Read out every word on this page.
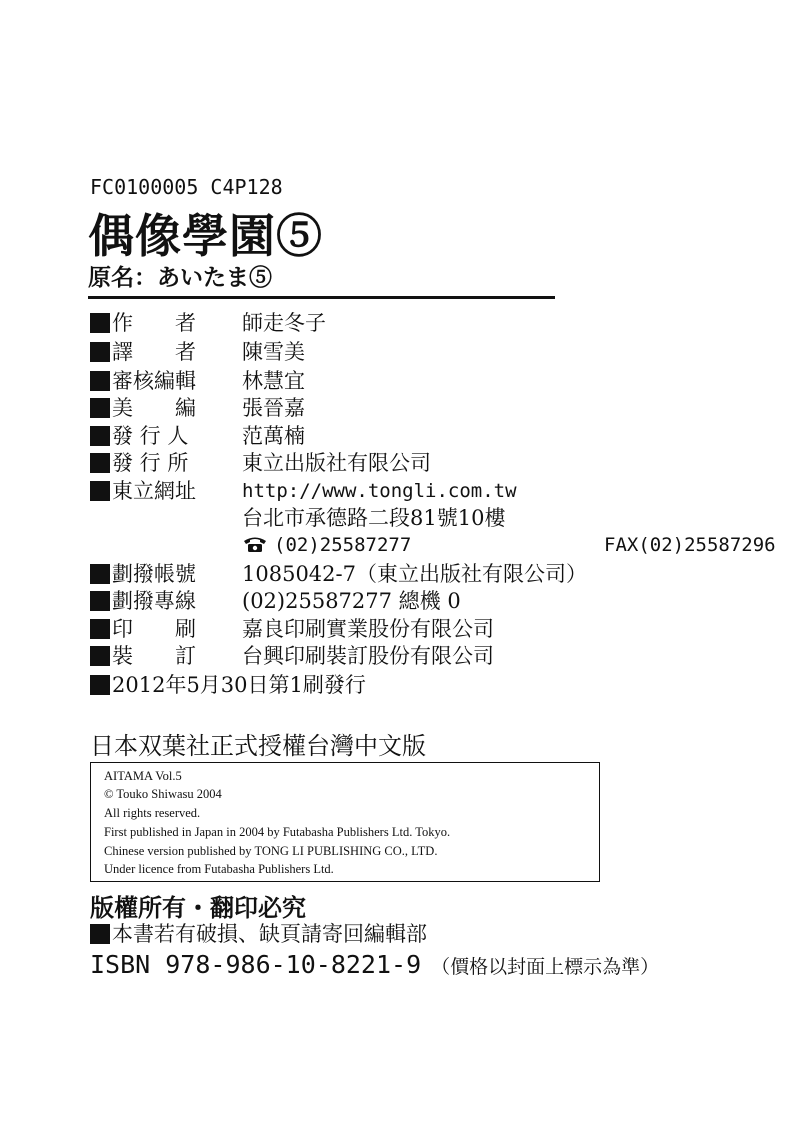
FC0100005 C4P128
偶像學園⑤
原名：あいたま⑤
作　　者 師走冬子
譯　　者 陳雪美
審核編輯 林慧宜
美　　編 張晉嘉
發 行 人	范萬楠
發 行 所	東立出版社有限公司
東立網址 http://www.tongli.com.tw
台北市承德路二段81號10樓
(02)25587277	FAX(02)25587296
劃撥帳號 1085042-7（東立出版社有限公司）
劃撥專線 (02)25587277 總機 0
印　　刷 嘉良印刷實業股份有限公司
裝　　訂 台興印刷裝訂股份有限公司
2012年5月30日第1刷發行
日本双葉社正式授權台灣中文版
AITAMA Vol.5
© Touko Shiwasu 2004
All rights reserved.
First published in Japan in 2004 by Futabasha Publishers Ltd. Tokyo.
Chinese version published by TONG LI PUBLISHING CO., LTD.
Under licence from Futabasha Publishers Ltd.
版權所有・翻印必究
本書若有破損、缺頁請寄回編輯部
ISBN 978-986-10-8221-9 （價格以封面上標示為準）
